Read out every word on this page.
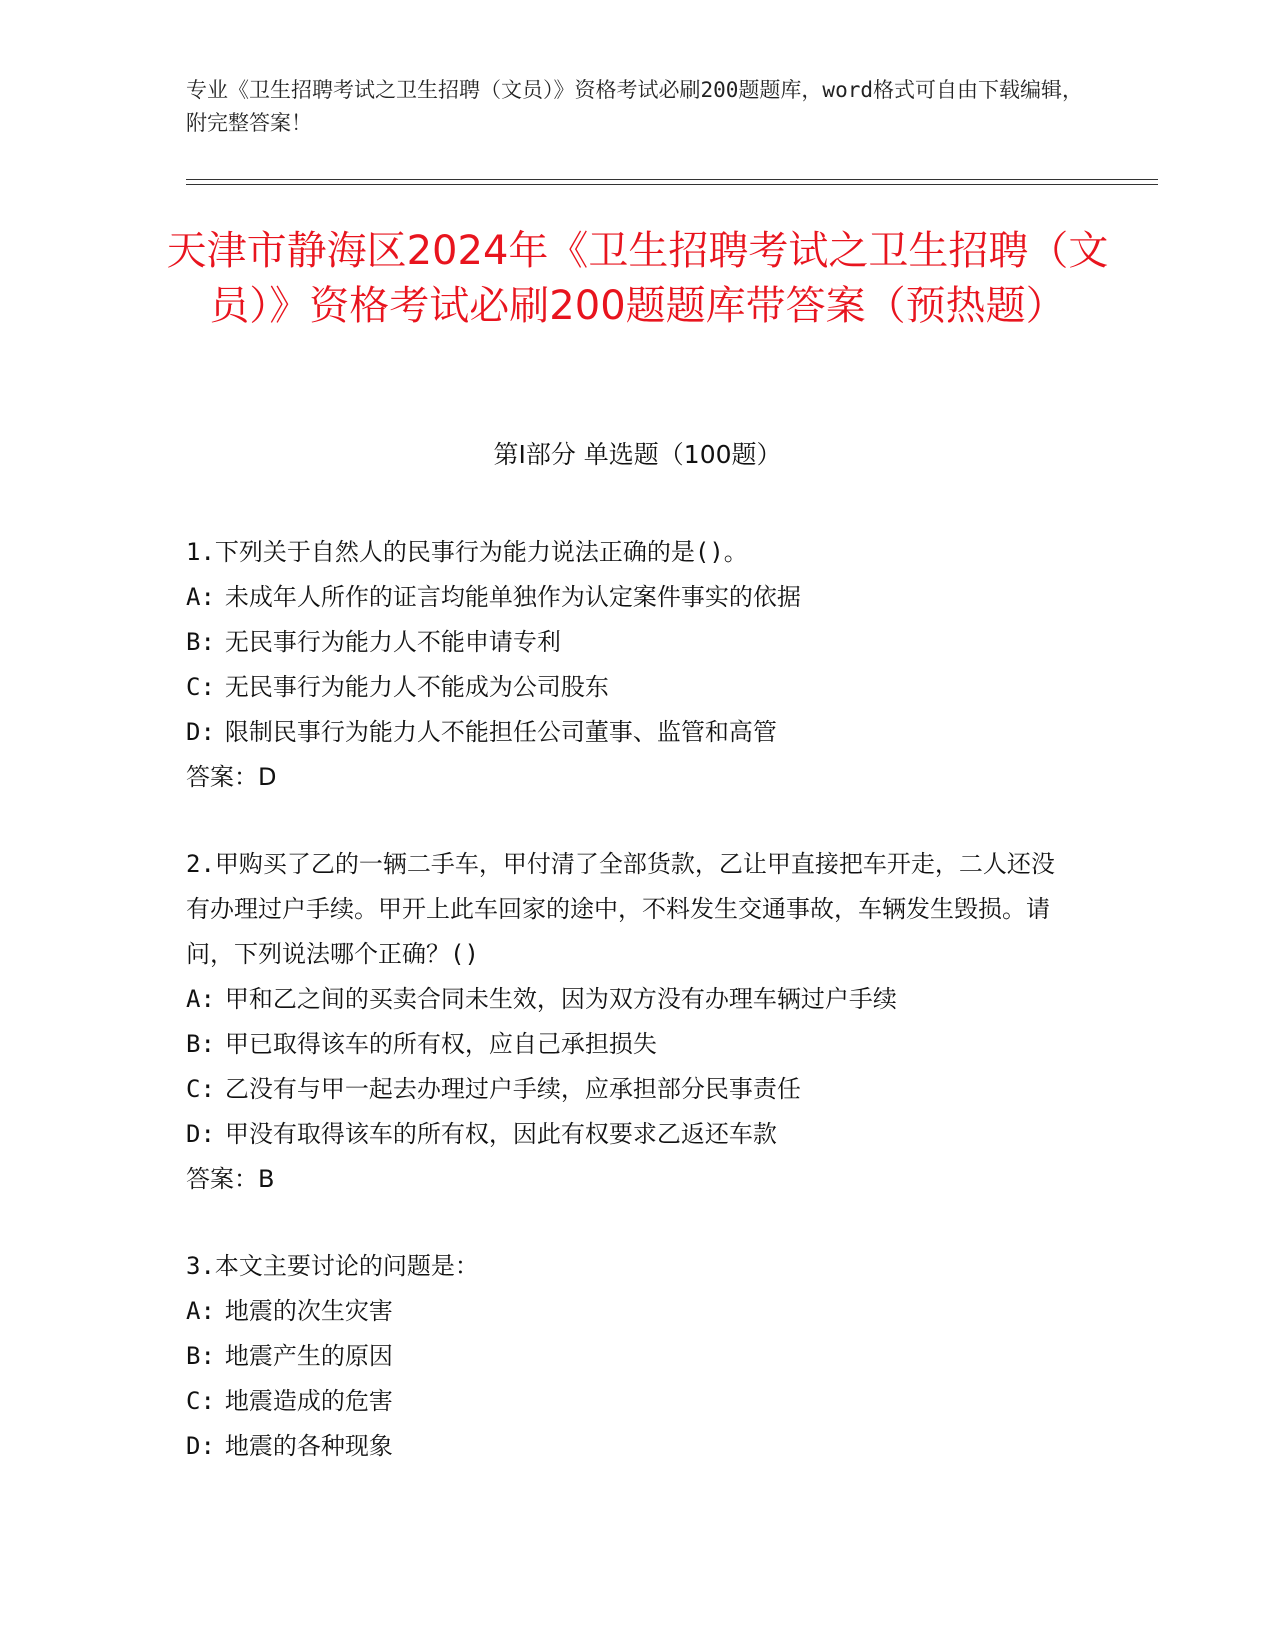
专业《卫生招聘考试之卫生招聘（文员）》资格考试必刷200题题库，word格式可自由下载编辑，附完整答案！
天津市静海区2024年《卫生招聘考试之卫生招聘（文员）》资格考试必刷200题题库带答案（预热题）
第Ⅰ部分 单选题（100题）

1.下列关于自然人的民事行为能力说法正确的是()。

A: 未成年人所作的证言均能单独作为认定案件事实的依据

B: 无民事行为能力人不能申请专利

C: 无民事行为能力人不能成为公司股东

D: 限制民事行为能力人不能担任公司董事、监管和高管

答案：D

2.甲购买了乙的一辆二手车，甲付清了全部货款，乙让甲直接把车开走，二人还没有办理过户手续。甲开上此车回家的途中，不料发生交通事故，车辆发生毁损。请问，下列说法哪个正确？()

A: 甲和乙之间的买卖合同未生效，因为双方没有办理车辆过户手续

B: 甲已取得该车的所有权，应自己承担损失

C: 乙没有与甲一起去办理过户手续，应承担部分民事责任

D: 甲没有取得该车的所有权，因此有权要求乙返还车款

答案：B

3.本文主要讨论的问题是：

A: 地震的次生灾害

B: 地震产生的原因

C: 地震造成的危害

D: 地震的各种现象
